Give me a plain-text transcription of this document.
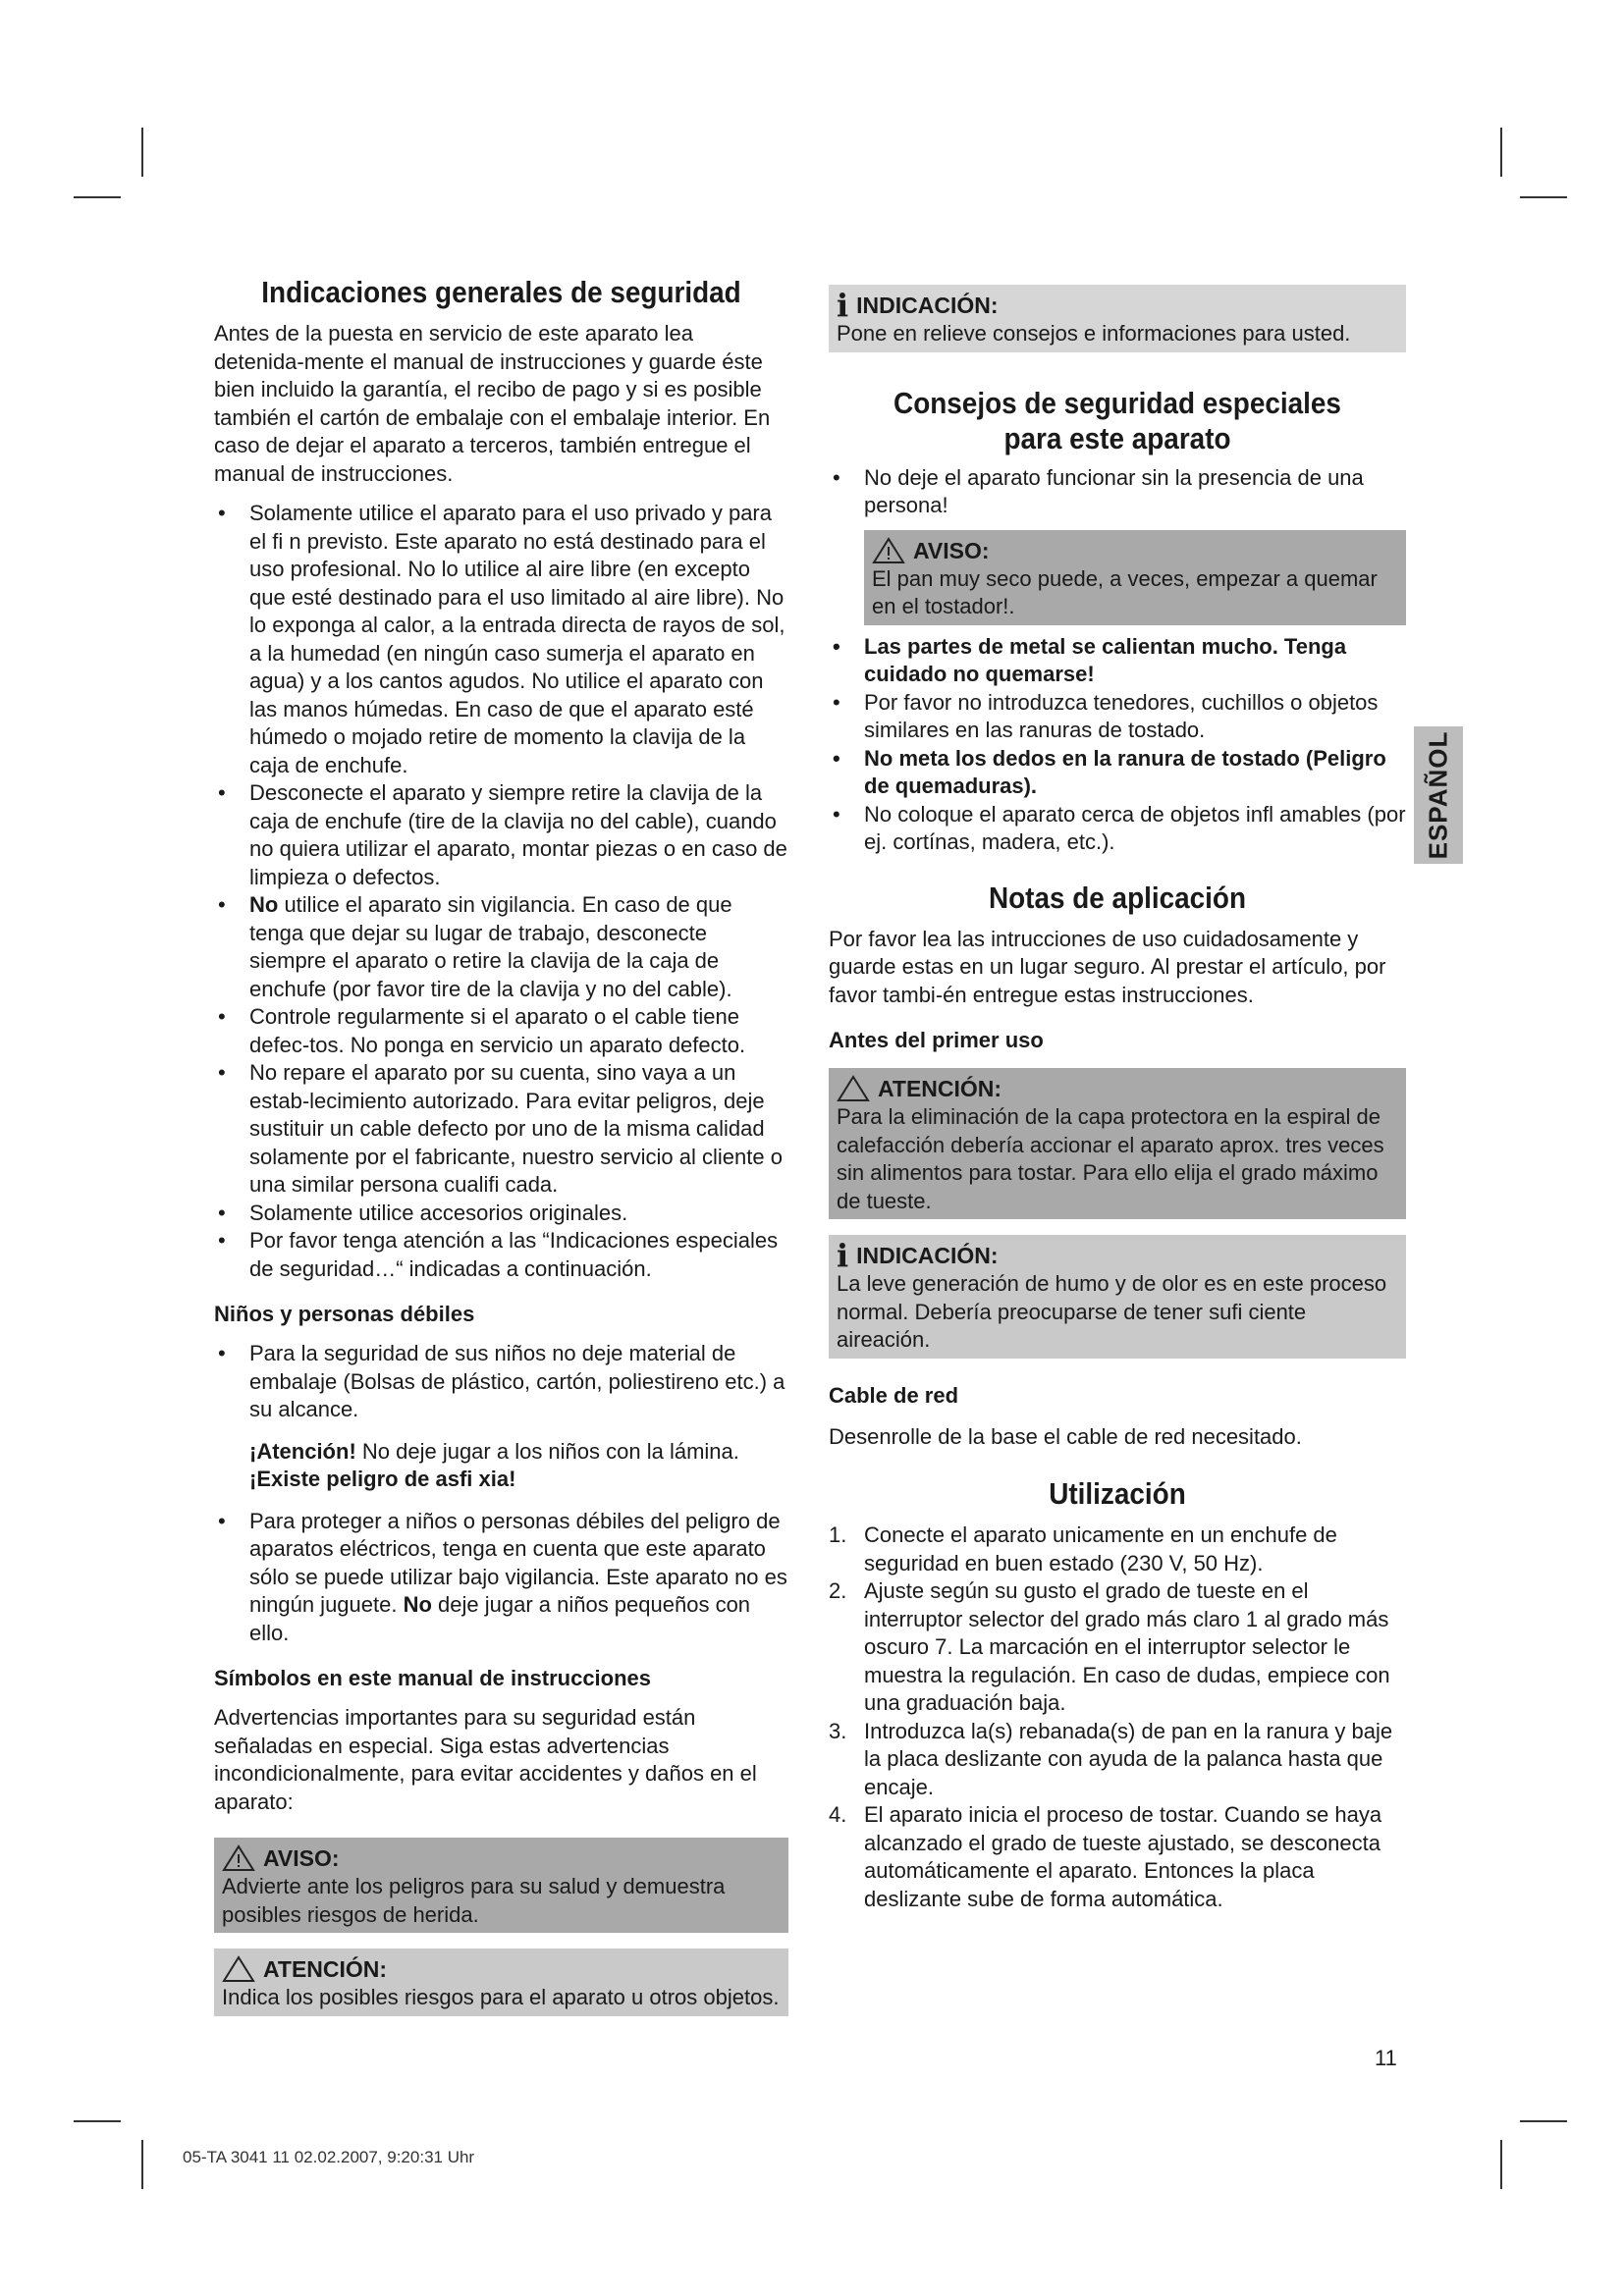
Indicaciones generales de seguridad

Antes de la puesta en servicio de este aparato lea detenida-mente el manual de instrucciones y guarde éste bien incluido la garantía, el recibo de pago y si es posible también el cartón de embalaje con el embalaje interior. En caso de dejar el aparato a terceros, también entregue el manual de instrucciones.

• Solamente utilice el aparato para el uso privado y para el fi n previsto. Este aparato no está destinado para el uso profesional. No lo utilice al aire libre (en excepto que esté destinado para el uso limitado al aire libre). No lo exponga al calor, a la entrada directa de rayos de sol, a la humedad (en ningún caso sumerja el aparato en agua) y a los cantos agudos. No utilice el aparato con las manos húmedas. En caso de que el aparato esté húmedo o mojado retire de momento la clavija de la caja de enchufe.
• Desconecte el aparato y siempre retire la clavija de la caja de enchufe (tire de la clavija no del cable), cuando no quiera utilizar el aparato, montar piezas o en caso de limpieza o defectos.
• No utilice el aparato sin vigilancia. En caso de que tenga que dejar su lugar de trabajo, desconecte siempre el aparato o retire la clavija de la caja de enchufe (por favor tire de la clavija y no del cable).
• Controle regularmente si el aparato o el cable tiene defec-tos. No ponga en servicio un aparato defecto.
• No repare el aparato por su cuenta, sino vaya a un estab-lecimiento autorizado. Para evitar peligros, deje sustituir un cable defecto por uno de la misma calidad solamente por el fabricante, nuestro servicio al cliente o una similar persona cualifi cada.
• Solamente utilice accesorios originales.
• Por favor tenga atención a las “Indicaciones especiales de seguridad…“ indicadas a continuación.

Niños y personas débiles

• Para la seguridad de sus niños no deje material de embalaje (Bolsas de plástico, cartón, poliestireno etc.) a su alcance.

¡Atención! No deje jugar a los niños con la lámina. ¡Existe peligro de asfi xia!

• Para proteger a niños o personas débiles del peligro de aparatos eléctricos, tenga en cuenta que este aparato sólo se puede utilizar bajo vigilancia. Este aparato no es ningún juguete. No deje jugar a niños pequeños con ello.

Símbolos en este manual de instrucciones

Advertencias importantes para su seguridad están señaladas en especial. Siga estas advertencias incondicionalmente, para evitar accidentes y daños en el aparato:

AVISO:

Advierte ante los peligros para su salud y demuestra posibles riesgos de herida.

ATENCIÓN:

Indica los posibles riesgos para el aparato u otros objetos.

i INDICACIÓN:

Pone en relieve consejos e informaciones para usted.

Consejos de seguridad especiales
para este aparato
• No deje el aparato funcionar sin la presencia de una persona!
AVISO:

El pan muy seco puede, a veces, empezar a quemar en el tostador!.

• Las partes de metal se calientan mucho. Tenga cuidado no quemarse!
• Por favor no introduzca tenedores, cuchillos o objetos similares en las ranuras de tostado.
• No meta los dedos en la ranura de tostado (Peligro de quemaduras).
• No coloque el aparato cerca de objetos infl amables (por ej. cortínas, madera, etc.).
Notas de aplicación

Por favor lea las intrucciones de uso cuidadosamente y guarde estas en un lugar seguro. Al prestar el artículo, por favor tambi-én entregue estas instrucciones.

Antes del primer uso

ATENCIÓN:

Para la eliminación de la capa protectora en la espiral de calefacción debería accionar el aparato aprox. tres veces sin alimentos para tostar. Para ello elija el grado máximo de tueste.

i INDICACIÓN:

La leve generación de humo y de olor es en este proceso normal. Debería preocuparse de tener sufi ciente aireación.

Cable de red

Desenrolle de la base el cable de red necesitado.

Utilización
1. Conecte el aparato unicamente en un enchufe de seguridad en buen estado (230 V, 50 Hz).
2. Ajuste según su gusto el grado de tueste en el interruptor selector del grado más claro 1 al grado más oscuro 7. La marcación en el interruptor selector le muestra la regulación. En caso de dudas, empiece con una graduación baja.
3. Introduzca la(s) rebanada(s) de pan en la ranura y baje la placa deslizante con ayuda de la palanca hasta que encaje.
4. El aparato inicia el proceso de tostar. Cuando se haya alcanzado el grado de tueste ajustado, se desconecta automáticamente el aparato. Entonces la placa deslizante sube de forma automática.
ESPAÑOL
11
05-TA 3041 11 02.02.2007, 9:20:31 Uhr
